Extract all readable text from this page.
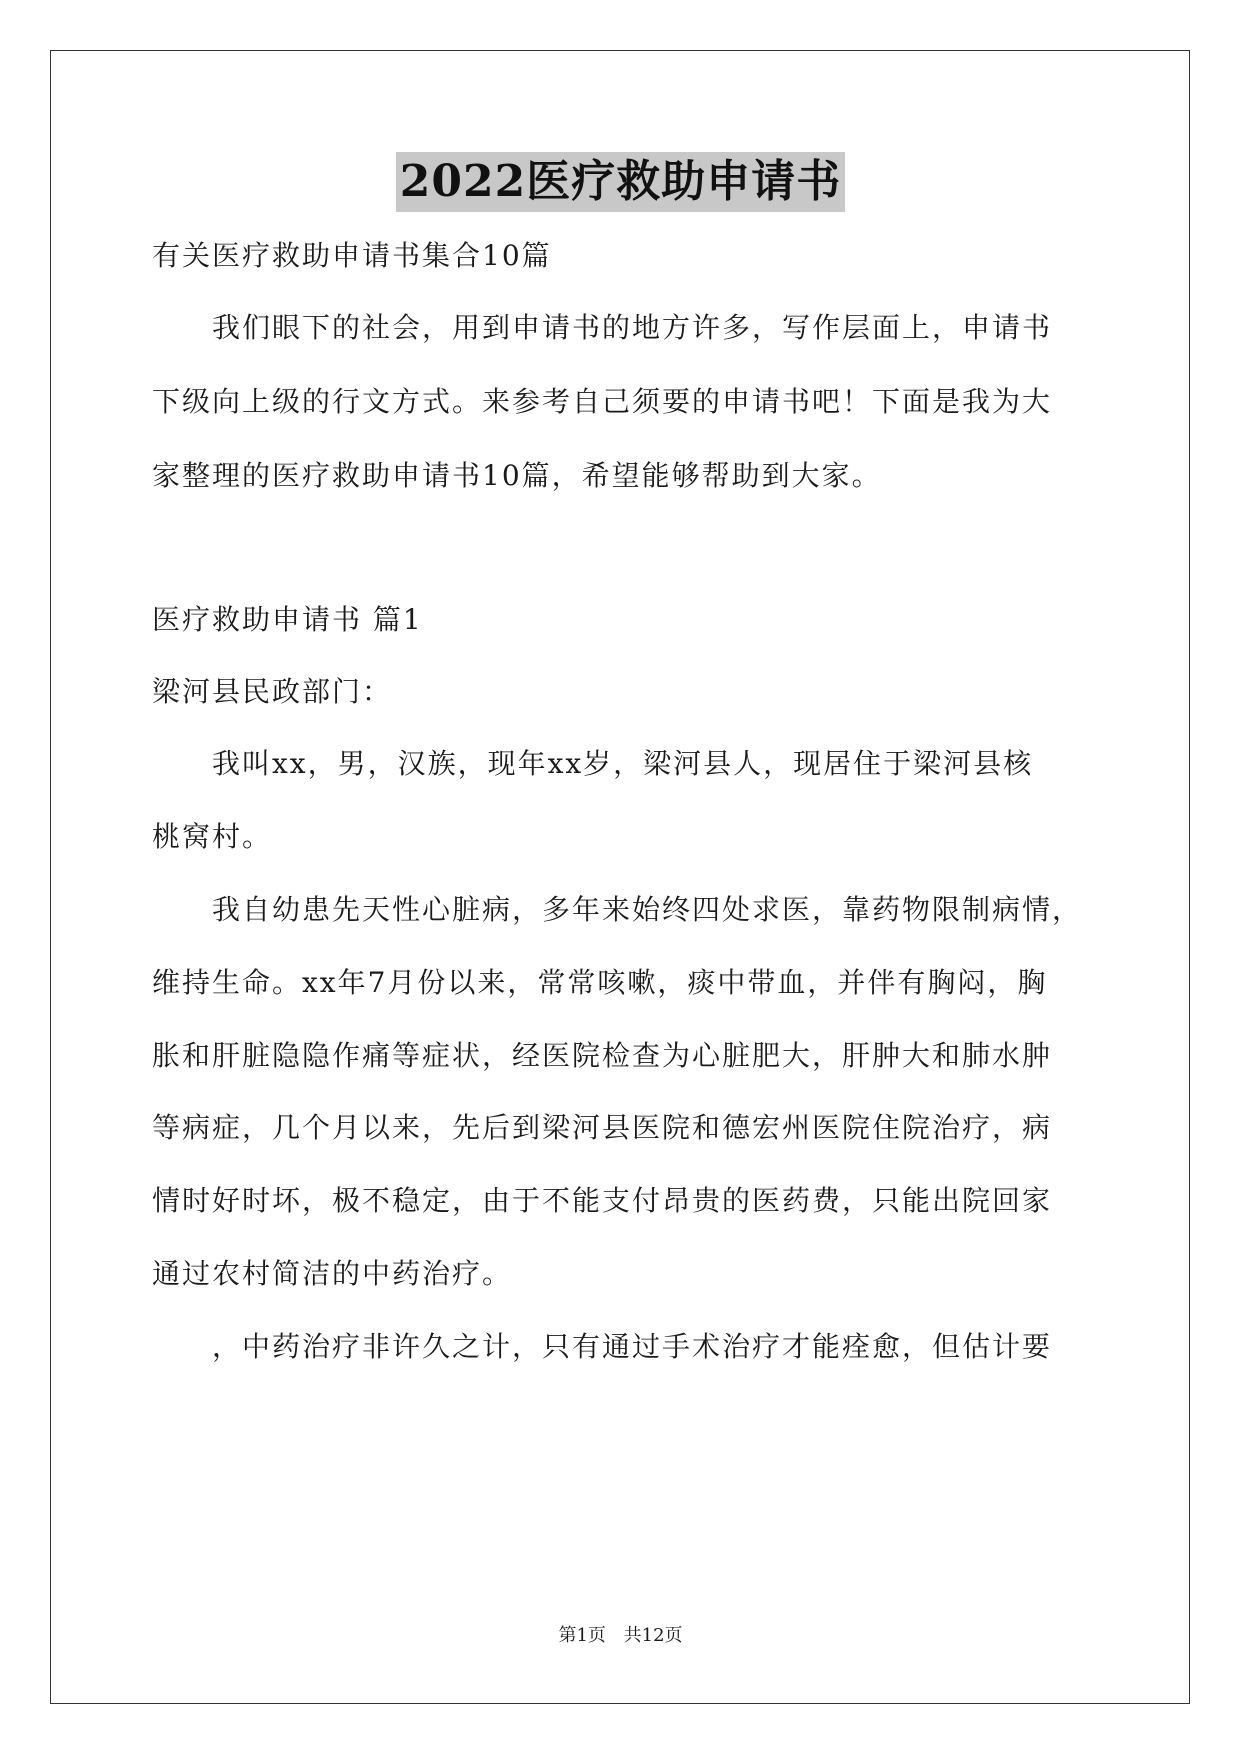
2022医疗救助申请书
有关医疗救助申请书集合10篇
我们眼下的社会，用到申请书的地方许多，写作层面上，申请书
下级向上级的行文方式。来参考自己须要的申请书吧！下面是我为大
家整理的医疗救助申请书10篇，希望能够帮助到大家。
医疗救助申请书 篇1
梁河县民政部门：
我叫xx，男，汉族，现年xx岁，梁河县人，现居住于梁河县核
桃窝村。
我自幼患先天性心脏病，多年来始终四处求医，靠药物限制病情，
维持生命。xx年7月份以来，常常咳嗽，痰中带血，并伴有胸闷，胸
胀和肝脏隐隐作痛等症状，经医院检查为心脏肥大，肝肿大和肺水肿
等病症，几个月以来，先后到梁河县医院和德宏州医院住院治疗，病
情时好时坏，极不稳定，由于不能支付昂贵的医药费，只能出院回家
通过农村简洁的中药治疗。
，中药治疗非许久之计，只有通过手术治疗才能痊愈，但估计要
第1页 共12页
